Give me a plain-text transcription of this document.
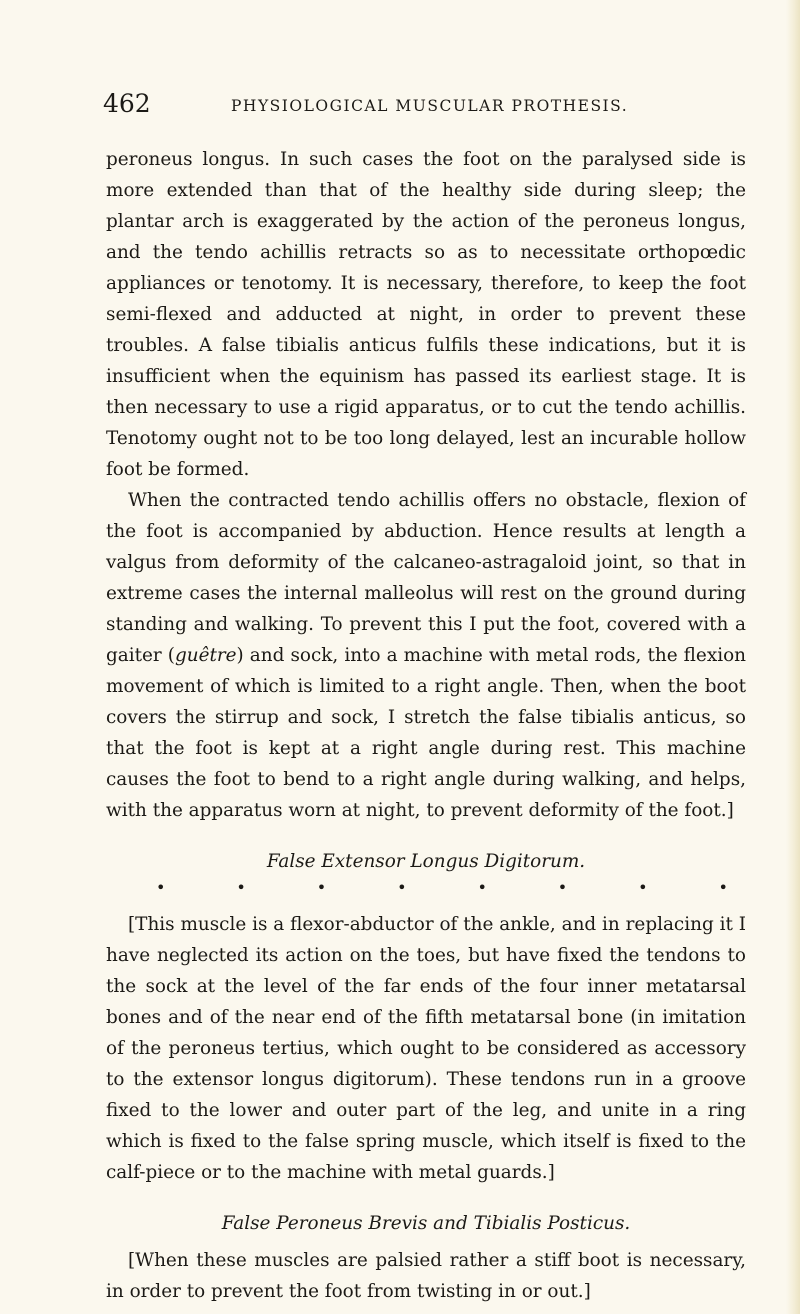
462	PHYSIOLOGICAL MUSCULAR PROTHESIS.

peroneus longus. In such cases the foot on the paralysed side is more extended than that of the healthy side during sleep; the plantar arch is exaggerated by the action of the peroneus longus, and the tendo achillis retracts so as to necessitate orthopœdic appliances or tenotomy. It is necessary, therefore, to keep the foot semi-flexed and adducted at night, in order to prevent these troubles. A false tibialis anticus fulfils these indications, but it is insufficient when the equinism has passed its earliest stage. It is then necessary to use a rigid apparatus, or to cut the tendo achillis. Tenotomy ought not to be too long delayed, lest an incurable hollow foot be formed.

When the contracted tendo achillis offers no obstacle, flexion of the foot is accompanied by abduction. Hence results at length a valgus from deformity of the calcaneo-astragaloid joint, so that in extreme cases the internal malleolus will rest on the ground during standing and walking. To prevent this I put the foot, covered with a gaiter (guêtre) and sock, into a machine with metal rods, the flexion movement of which is limited to a right angle. Then, when the boot covers the stirrup and sock, I stretch the false tibialis anticus, so that the foot is kept at a right angle during rest. This machine causes the foot to bend to a right angle during walking, and helps, with the apparatus worn at night, to prevent deformity of the foot.]

False Extensor Longus Digitorum.
•	•	•	•	•	•	•	•

[This muscle is a flexor-abductor of the ankle, and in replacing it I have neglected its action on the toes, but have fixed the tendons to the sock at the level of the far ends of the four inner metatarsal bones and of the near end of the fifth metatarsal bone (in imitation of the peroneus tertius, which ought to be considered as accessory to the extensor longus digitorum). These tendons run in a groove fixed to the lower and outer part of the leg, and unite in a ring which is fixed to the false spring muscle, which itself is fixed to the calf-piece or to the machine with metal guards.]

False Peroneus Brevis and Tibialis Posticus.

[When these muscles are palsied rather a stiff boot is necessary, in order to prevent the foot from twisting in or out.]
